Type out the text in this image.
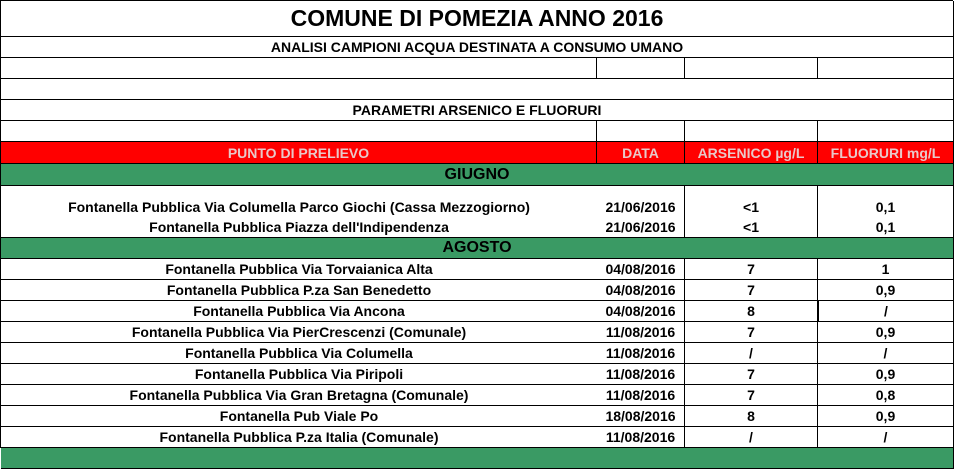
COMUNE DI POMEZIA ANNO 2016
ANALISI CAMPIONI ACQUA DESTINATA A CONSUMO UMANO
PARAMETRI ARSENICO E FLUORURI
PUNTO DI PRELIEVO	DATA	ARSENICO µg/L	FLUORURI mg/L
GIUGNO
Fontanella Pubblica Via Columella Parco Giochi (Cassa Mezzogiorno)	21/06/2016	<1	0,1
Fontanella Pubblica Piazza dell'Indipendenza	21/06/2016	<1	0,1
AGOSTO
Fontanella Pubblica Via Torvaianica Alta	04/08/2016	7	1
Fontanella Pubblica P.za San Benedetto	04/08/2016	7	0,9
Fontanella Pubblica Via Ancona	04/08/2016	8	/
Fontanella Pubblica Via PierCrescenzi (Comunale)	11/08/2016	7	0,9
Fontanella Pubblica Via Columella	11/08/2016	/	/
Fontanella Pubblica Via Piripoli	11/08/2016	7	0,9
Fontanella Pubblica Via Gran Bretagna (Comunale)	11/08/2016	7	0,8
Fontanella Pub Viale Po	18/08/2016	8	0,9
Fontanella Pubblica P.za Italia (Comunale)	11/08/2016	/	/
